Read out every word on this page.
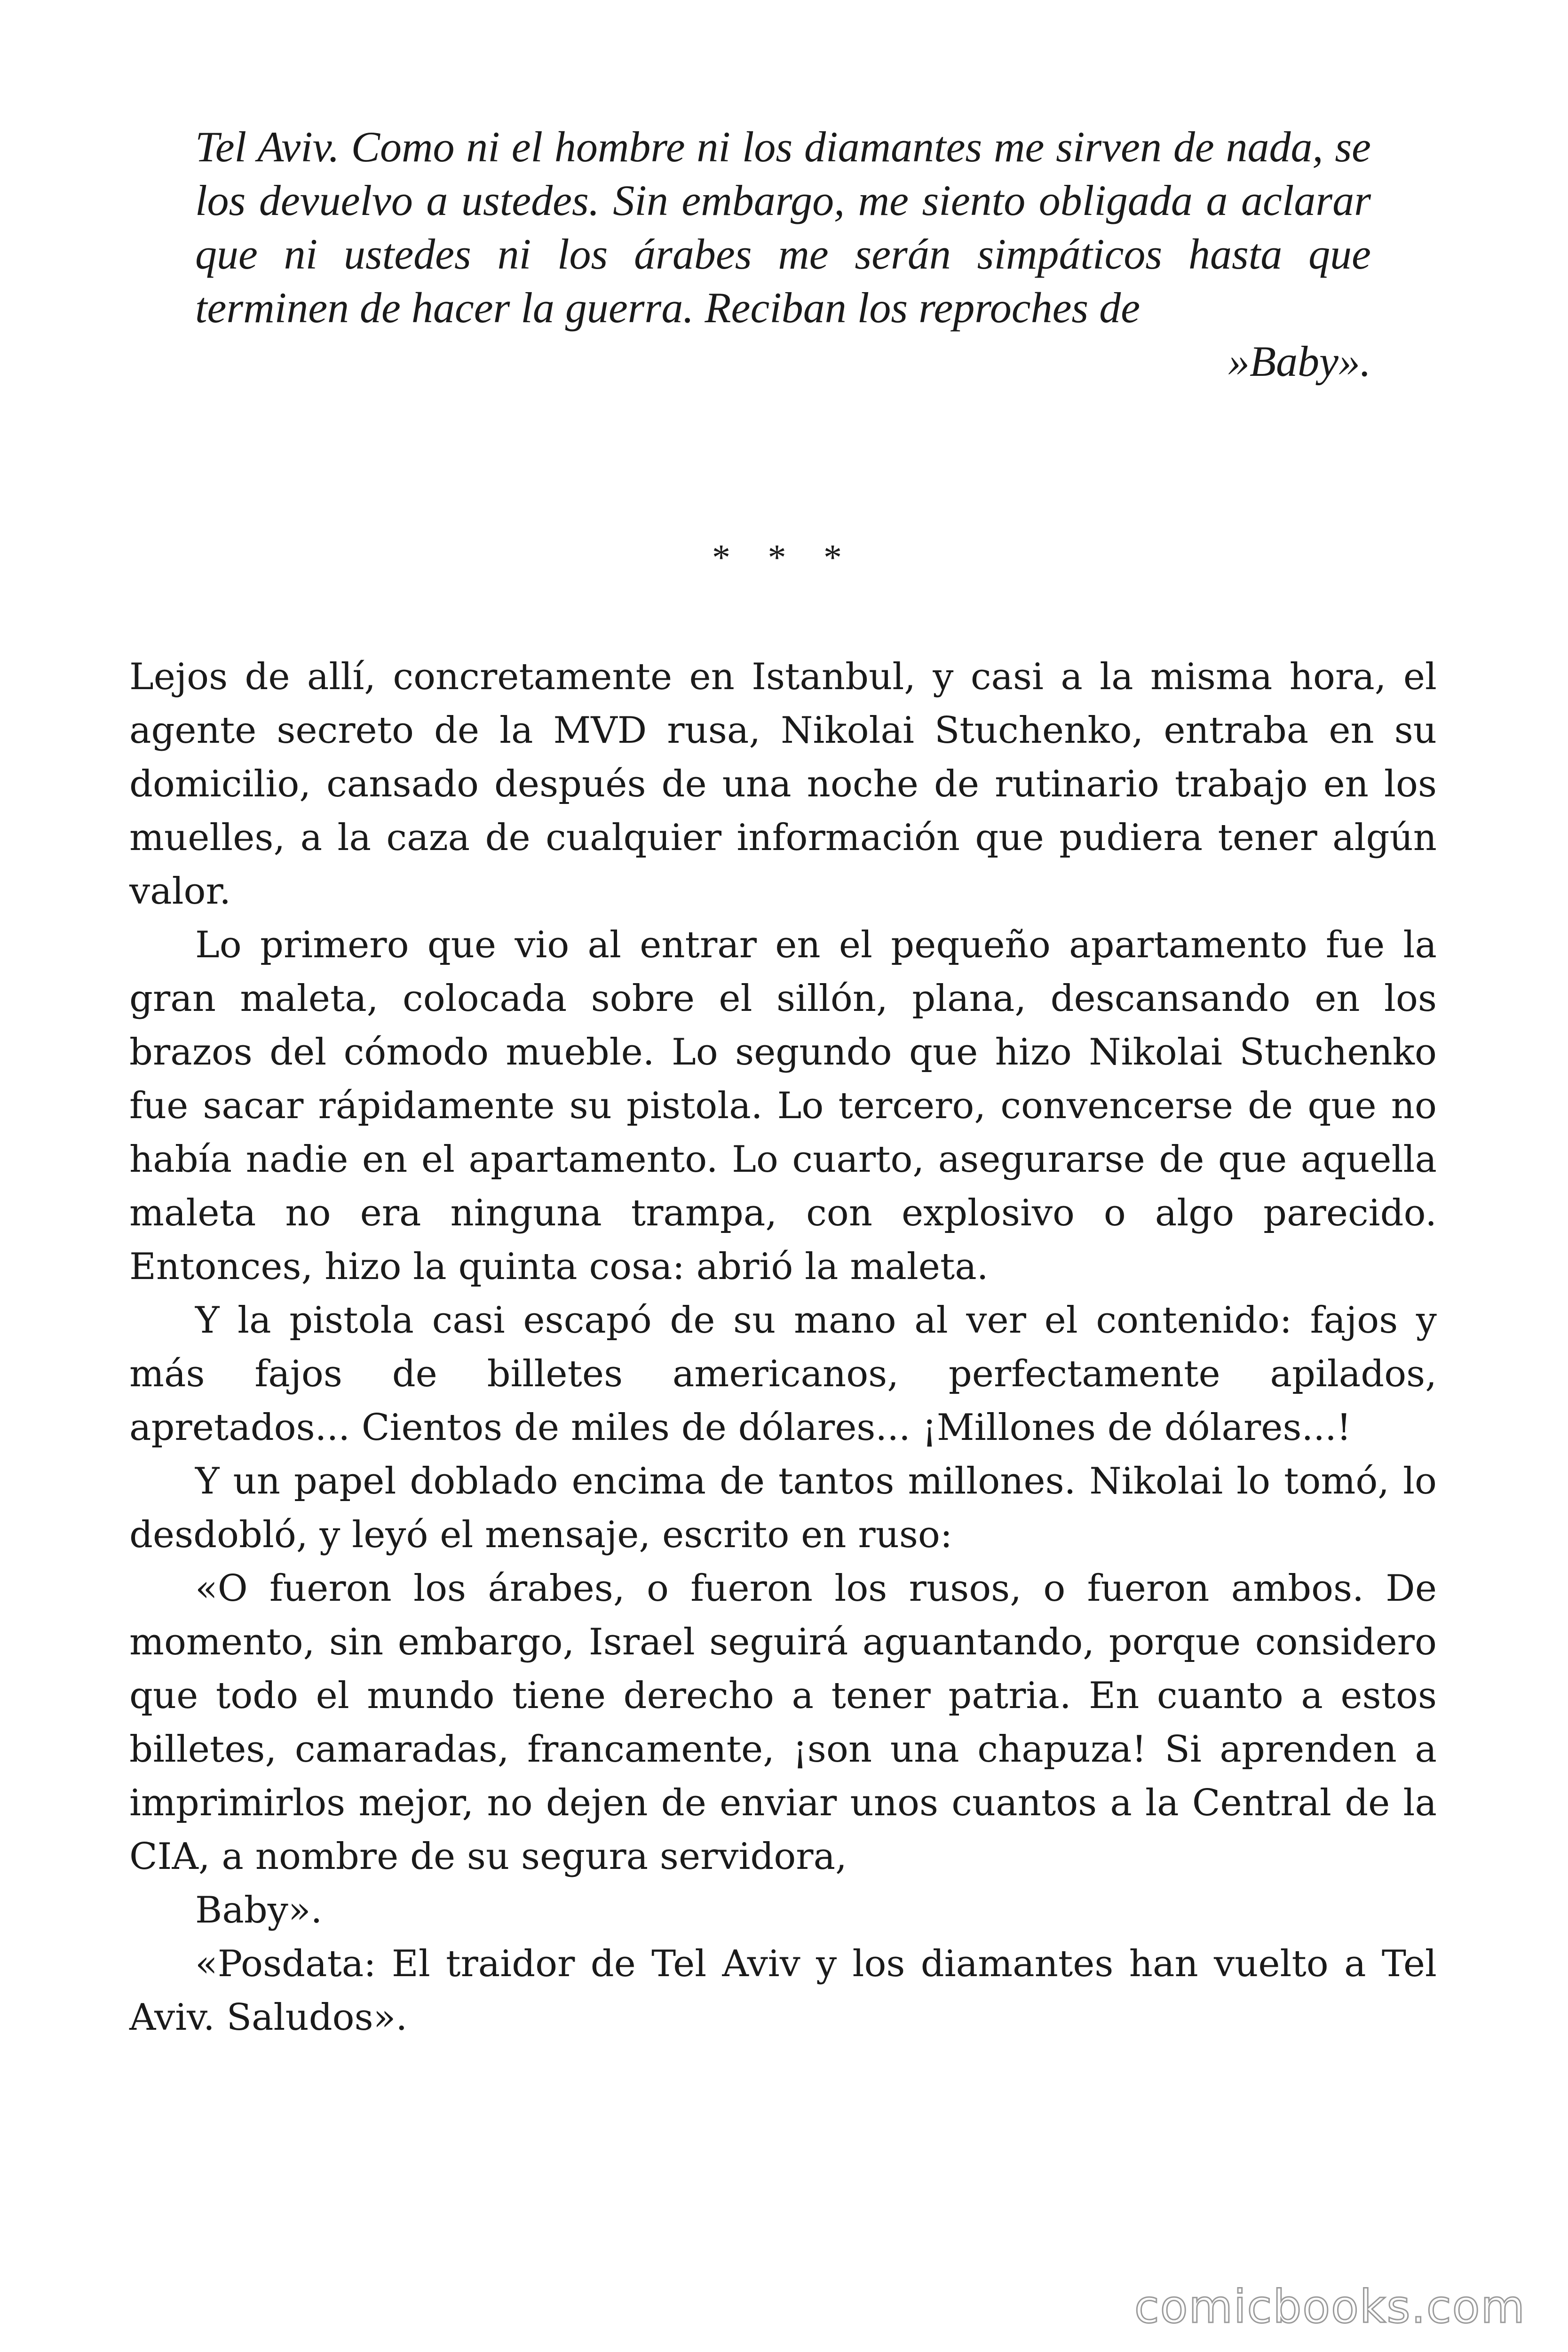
Tel Aviv. Como ni el hombre ni los diamantes me sirven de nada, se los devuelvo a ustedes. Sin embargo, me siento obligada a aclarar que ni ustedes ni los árabes me serán simpáticos hasta que terminen de hacer la guerra. Reciban los reproches de

»Baby».

* * *

Lejos de allí, concretamente en Istanbul, y casi a la misma hora, el agente secreto de la MVD rusa, Nikolai Stuchenko, entraba en su domicilio, cansado después de una noche de rutinario trabajo en los muelles, a la caza de cualquier información que pudiera tener algún valor.

Lo primero que vio al entrar en el pequeño apartamento fue la gran maleta, colocada sobre el sillón, plana, descansando en los brazos del cómodo mueble. Lo segundo que hizo Nikolai Stuchenko fue sacar rápidamente su pistola. Lo tercero, convencerse de que no había nadie en el apartamento. Lo cuarto, asegurarse de que aquella maleta no era ninguna trampa, con explosivo o algo parecido. Entonces, hizo la quinta cosa: abrió la maleta.

Y la pistola casi escapó de su mano al ver el contenido: fajos y más fajos de billetes americanos, perfectamente apilados, apretados... Cientos de miles de dólares... ¡Millones de dólares...!

Y un papel doblado encima de tantos millones. Nikolai lo tomó, lo desdobló, y leyó el mensaje, escrito en ruso:

«O fueron los árabes, o fueron los rusos, o fueron ambos. De momento, sin embargo, Israel seguirá aguantando, porque considero que todo el mundo tiene derecho a tener patria. En cuanto a estos billetes, camaradas, francamente, ¡son una chapuza! Si aprenden a imprimirlos mejor, no dejen de enviar unos cuantos a la Central de la CIA, a nombre de su segura servidora,

Baby».

«Posdata: El traidor de Tel Aviv y los diamantes han vuelto a Tel Aviv. Saludos».

comicbooks.com
